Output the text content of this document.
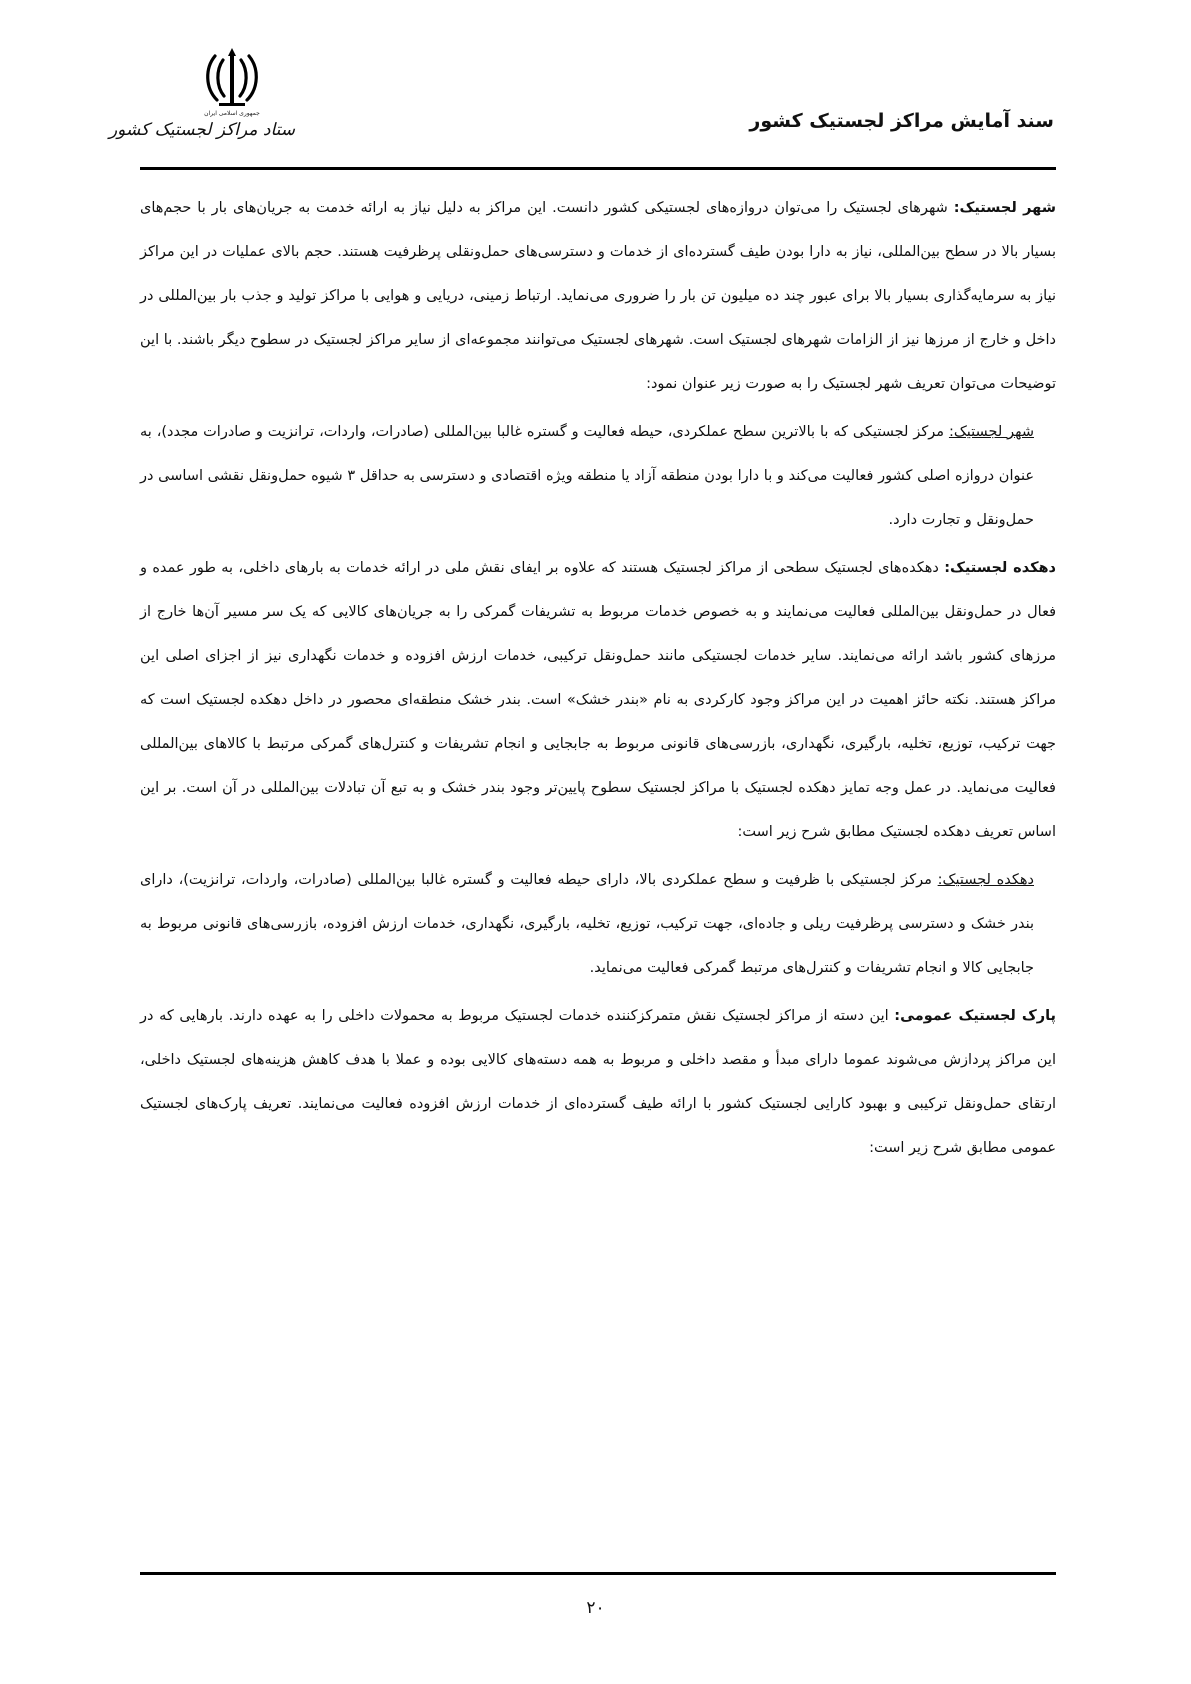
جمهوری اسلامی ایران
ستاد مراکز لجستیک کشور	سند آمایش مراکز لجستیک کشور

شهر لجستیک: شهرهای لجستیک را می‌توان دروازه‌های لجستیکی کشور دانست. این مراکز به دلیل نیاز به ارائه خدمت به جریان‌های بار با حجم‌های بسیار بالا در سطح بین‌المللی، نیاز به دارا بودن طیف گسترده‌ای از خدمات و دسترسی‌های حمل‌ونقلی پرظرفیت هستند. حجم بالای عملیات در این مراکز نیاز به سرمایه‌گذاری بسیار بالا برای عبور چند ده میلیون تن بار را ضروری می‌نماید. ارتباط زمینی، دریایی و هوایی با مراکز تولید و جذب بار بین‌المللی در داخل و خارج از مرزها نیز از الزامات شهرهای لجستیک است. شهرهای لجستیک می‌توانند مجموعه‌ای از سایر مراکز لجستیک در سطوح دیگر باشند. با این توضیحات می‌توان تعریف شهر لجستیک را به صورت زیر عنوان نمود:

شهر لجستیک: مرکز لجستیکی که با بالاترین سطح عملکردی، حیطه فعالیت و گستره غالبا بین‌المللی (صادرات، واردات، ترانزیت و صادرات مجدد)، به عنوان دروازه اصلی کشور فعالیت می‌کند و با دارا بودن منطقه آزاد یا منطقه ویژه اقتصادی و دسترسی به حداقل ۳ شیوه حمل‌ونقل نقشی اساسی در حمل‌ونقل و تجارت دارد.

دهکده لجستیک: دهکده‌های لجستیک سطحی از مراکز لجستیک هستند که علاوه بر ایفای نقش ملی در ارائه خدمات به بارهای داخلی، به طور عمده و فعال در حمل‌ونقل بین‌المللی فعالیت می‌نمایند و به خصوص خدمات مربوط به تشریفات گمرکی را به جریان‌های کالایی که یک سر مسیر آن‌ها خارج از مرزهای کشور باشد ارائه می‌نمایند. سایر خدمات لجستیکی مانند حمل‌ونقل ترکیبی، خدمات ارزش افزوده و خدمات نگهداری نیز از اجزای اصلی این مراکز هستند. نکته حائز اهمیت در این مراکز وجود کارکردی به نام «بندر خشک» است. بندر خشک منطقه‌ای محصور در داخل دهکده لجستیک است که جهت ترکیب، توزیع، تخلیه، بارگیری، نگهداری، بازرسی‌های قانونی مربوط به جابجایی و انجام تشریفات و کنترل‌های گمرکی مرتبط با کالاهای بین‌المللی فعالیت می‌نماید. در عمل وجه تمایز دهکده لجستیک با مراکز لجستیک سطوح پایین‌تر وجود بندر خشک و به تبع آن تبادلات بین‌المللی در آن است. بر این اساس تعریف دهکده لجستیک مطابق شرح زیر است:

دهکده لجستیک: مرکز لجستیکی با ظرفیت و سطح عملکردی بالا، دارای حیطه فعالیت و گستره غالبا بین‌المللی (صادرات، واردات، ترانزیت)، دارای بندر خشک و دسترسی پرظرفیت ریلی و جاده‌ای، جهت ترکیب، توزیع، تخلیه، بارگیری، نگهداری، خدمات ارزش افزوده، بازرسی‌های قانونی مربوط به جابجایی کالا و انجام تشریفات و کنترل‌های مرتبط گمرکی فعالیت می‌نماید.

پارک لجستیک عمومی: این دسته از مراکز لجستیک نقش متمرکزکننده خدمات لجستیک مربوط به محمولات داخلی را به عهده دارند. بارهایی که در این مراکز پردازش می‌شوند عموما دارای مبدأ و مقصد داخلی و مربوط به همه دسته‌های کالایی بوده و عملا با هدف کاهش هزینه‌های لجستیک داخلی، ارتقای حمل‌ونقل ترکیبی و بهبود کارایی لجستیک کشور با ارائه طیف گسترده‌ای از خدمات ارزش افزوده فعالیت می‌نمایند. تعریف پارک‌های لجستیک عمومی مطابق شرح زیر است:

۲۰
